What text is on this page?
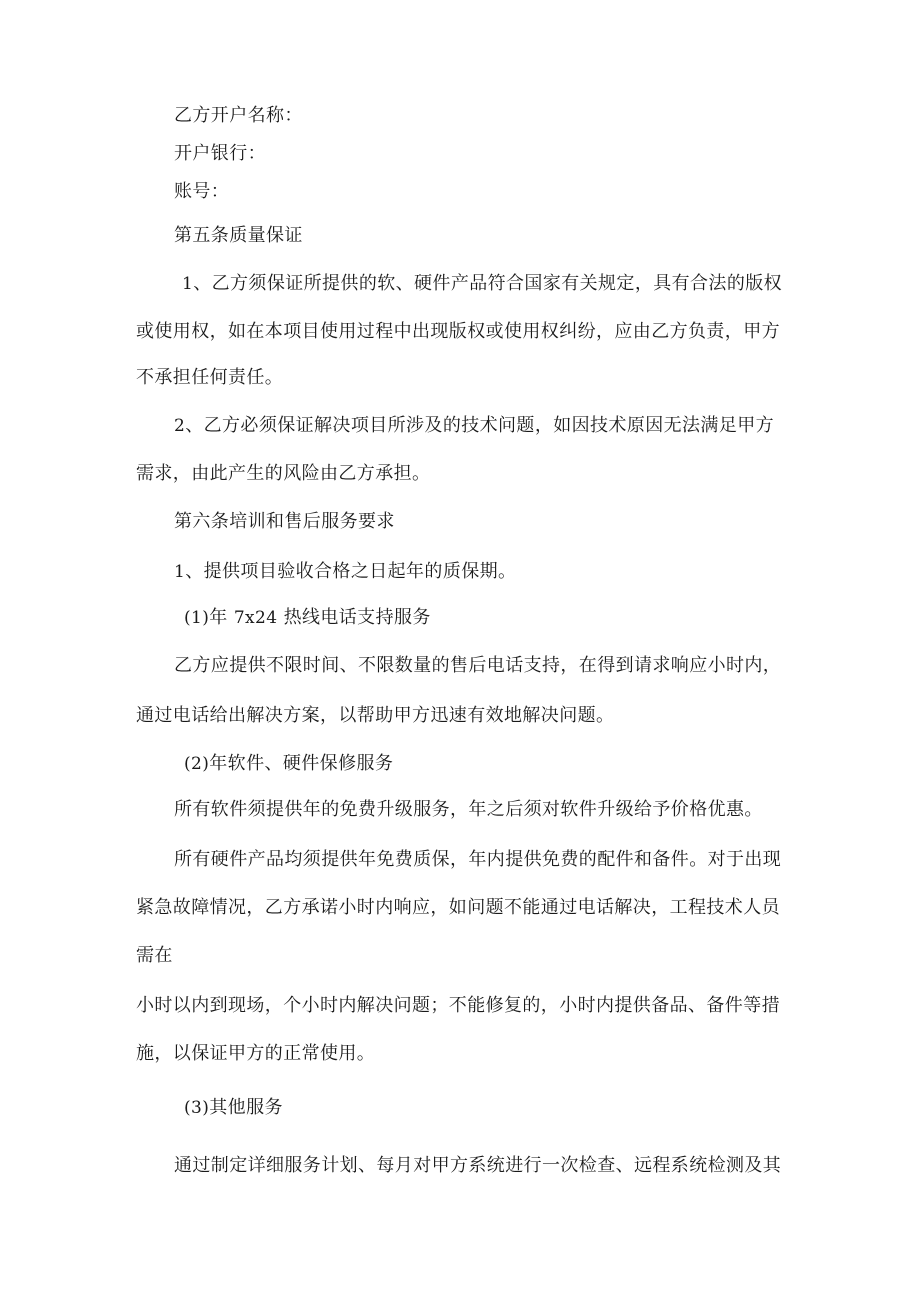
乙方开户名称：
开户银行：
账号：
第五条质量保证
1、乙方须保证所提供的软、硬件产品符合国家有关规定，具有合法的版权
或使用权，如在本项目使用过程中出现版权或使用权纠纷，应由乙方负责，甲方
不承担任何责任。
2、乙方必须保证解决项目所涉及的技术问题，如因技术原因无法满足甲方
需求，由此产生的风险由乙方承担。
第六条培训和售后服务要求
1、提供项目验收合格之日起年的质保期。
(1)年 7x24 热线电话支持服务
乙方应提供不限时间、不限数量的售后电话支持，在得到请求响应小时内，
通过电话给出解决方案，以帮助甲方迅速有效地解决问题。
(2)年软件、硬件保修服务
所有软件须提供年的免费升级服务，年之后须对软件升级给予价格优惠。
所有硬件产品均须提供年免费质保，年内提供免费的配件和备件。对于出现
紧急故障情况，乙方承诺小时内响应，如问题不能通过电话解决，工程技术人员
需在
小时以内到现场，个小时内解决问题；不能修复的，小时内提供备品、备件等措
施，以保证甲方的正常使用。
(3)其他服务
通过制定详细服务计划、每月对甲方系统进行一次检查、远程系统检测及其
